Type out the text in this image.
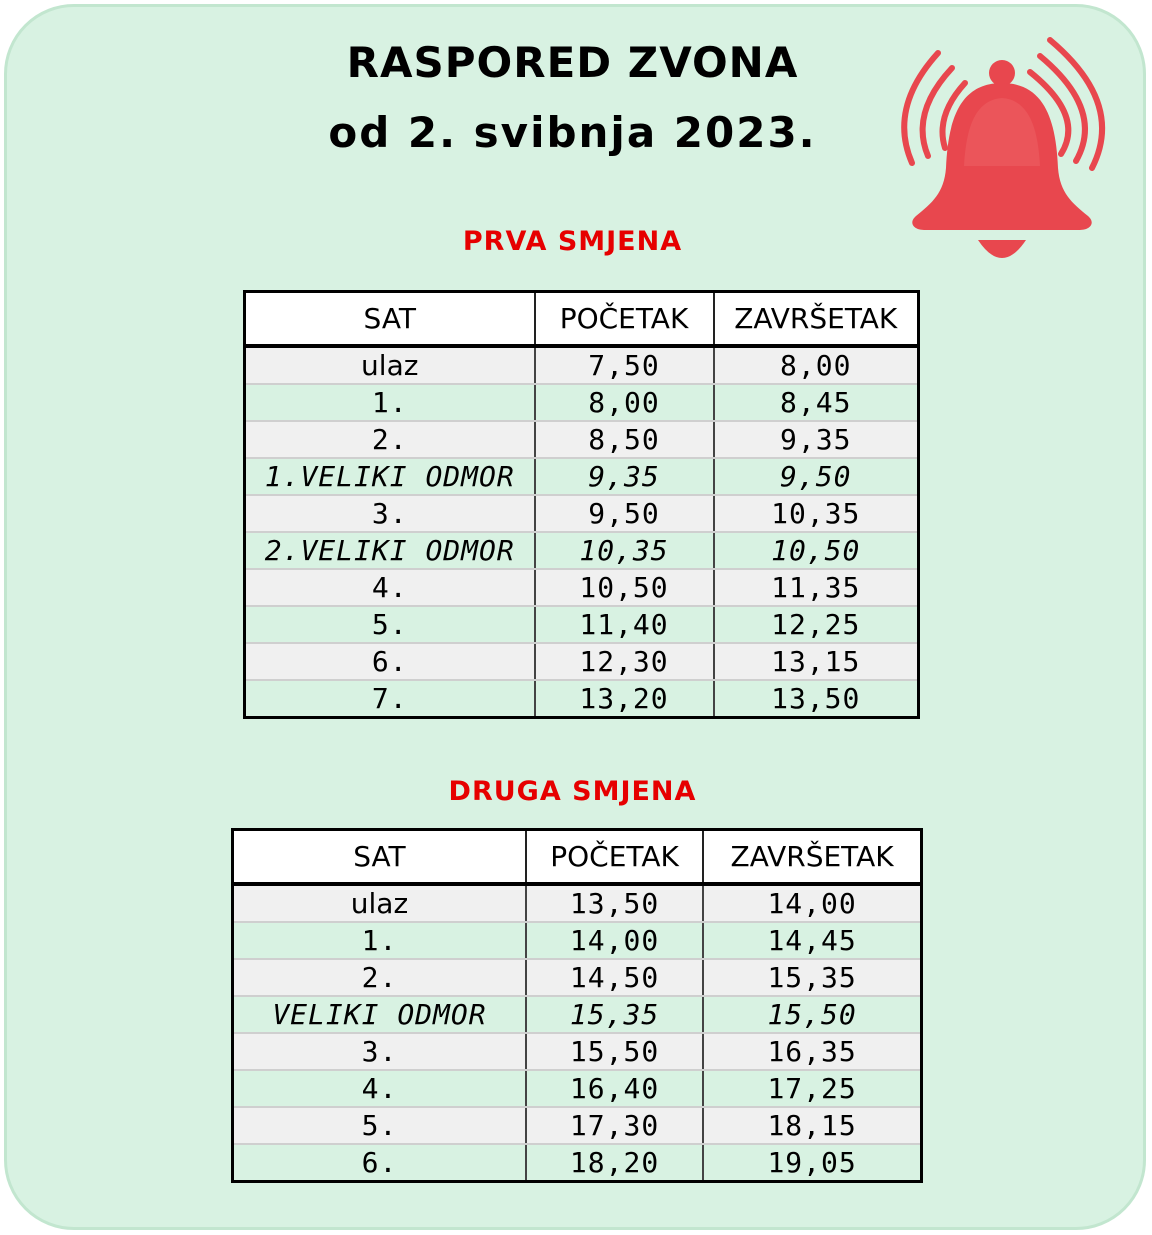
RASPORED ZVONA
od 2. svibnja 2023.
PRVA SMJENA
SAT	POČETAK	ZAVRŠETAK
ulaz	7,50	8,00
1.	8,00	8,45
2.	8,50	9,35
1.VELIKI ODMOR	9,35	9,50
3.	9,50	10,35
2.VELIKI ODMOR	10,35	10,50
4.	10,50	11,35
5.	11,40	12,25
6.	12,30	13,15
7.	13,20	13,50
DRUGA SMJENA
SAT	POČETAK	ZAVRŠETAK
ulaz	13,50	14,00
1.	14,00	14,45
2.	14,50	15,35
VELIKI ODMOR	15,35	15,50
3.	15,50	16,35
4.	16,40	17,25
5.	17,30	18,15
6.	18,20	19,05
